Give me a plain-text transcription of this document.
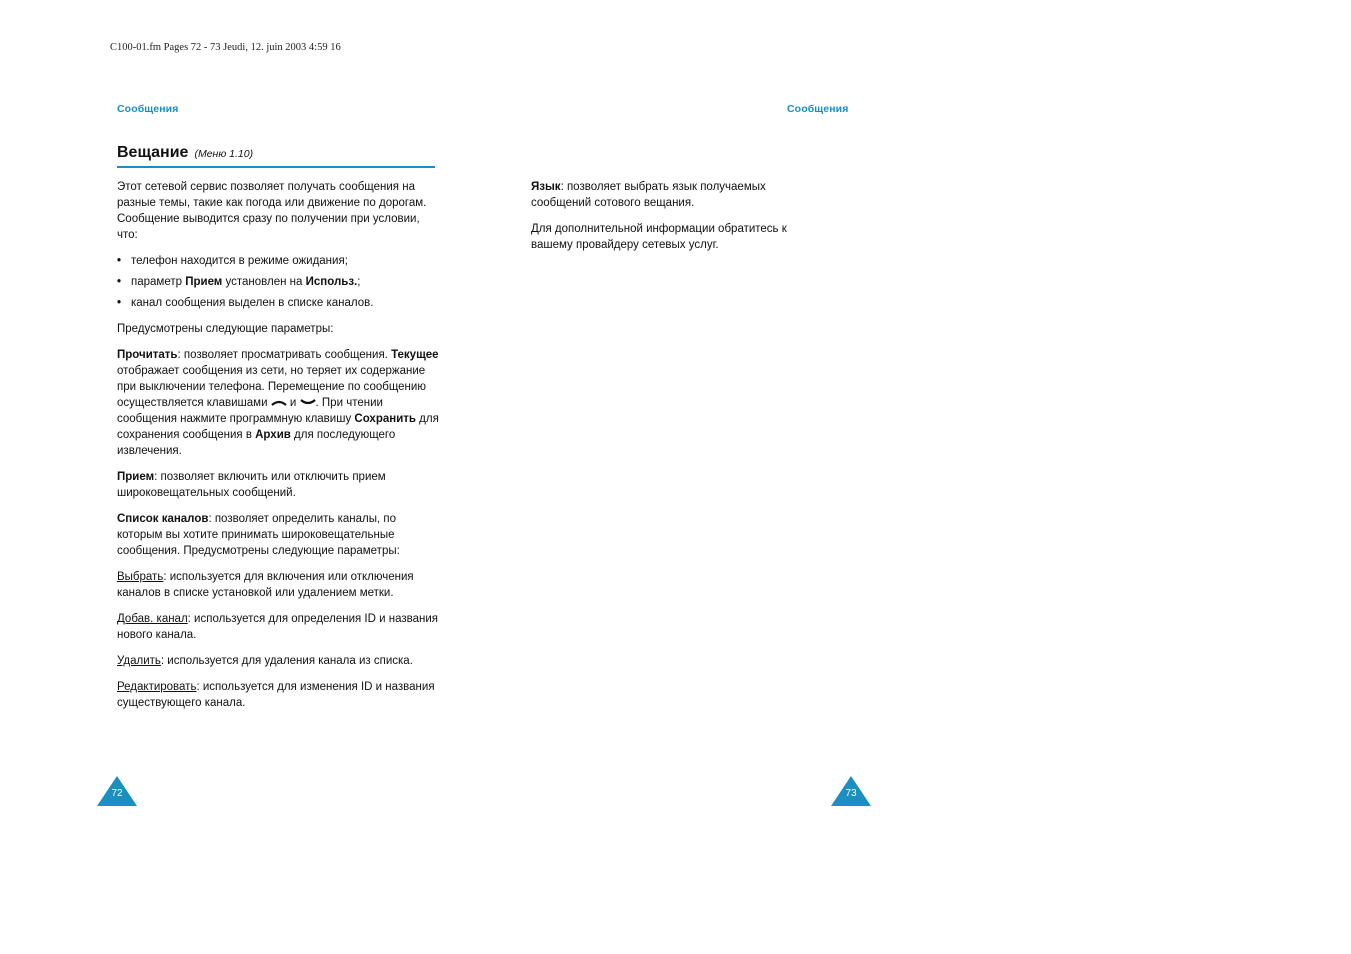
C100-01.fm Pages 72 - 73 Jeudi, 12. juin 2003 4:59 16
Сообщения
Вещание (Меню 1.10)

Этот сетевой сервис позволяет получать сообщения на разные темы, такие как погода или движение по дорогам. Сообщение выводится сразу по получении при условии, что:

• телефон находится в режиме ожидания;
• параметр Прием установлен на Использ.;
• канал сообщения выделен в списке каналов.

Предусмотрены следующие параметры:

Прочитать: позволяет просматривать сообщения. Текущее отображает сообщения из сети, но теряет их содержание при выключении телефона. Перемещение по сообщению осуществляется клавишами  и . При чтении сообщения нажмите программную клавишу Сохранить для сохранения сообщения в Архив для последующего извлечения.

Прием: позволяет включить или отключить прием широковещательных сообщений.

Список каналов: позволяет определить каналы, по которым вы хотите принимать широковещательные сообщения. Предусмотрены следующие параметры:

Выбрать: используется для включения или отключения каналов в списке установкой или удалением метки.

Добав. канал: используется для определения ID и названия нового канала.

Удалить: используется для удаления канала из списка.

Редактировать: используется для изменения ID и названия существующего канала.

72
Сообщения

Язык: позволяет выбрать язык получаемых сообщений сотового вещания.

Для дополнительной информации обратитесь к вашему провайдеру сетевых услуг.

73
